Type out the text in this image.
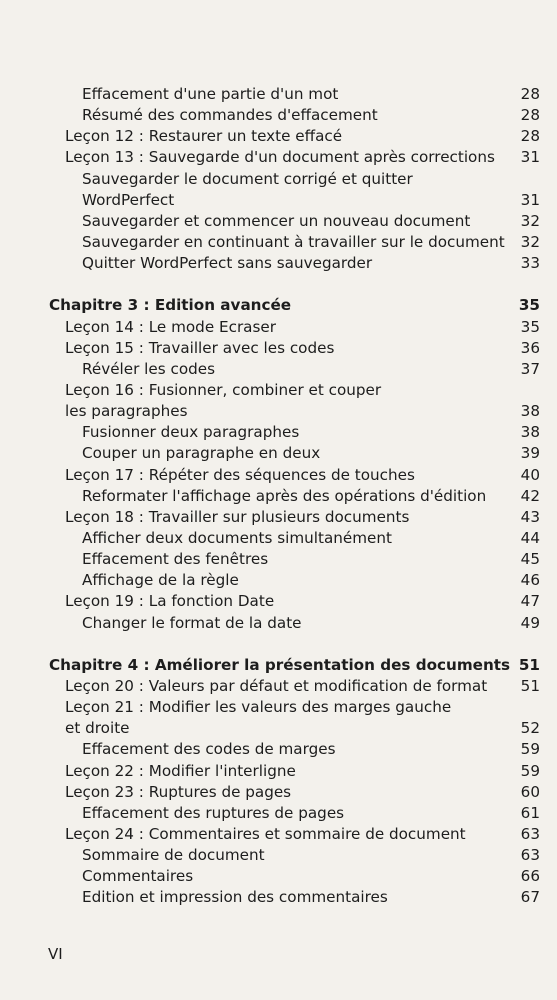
Effacement d'une partie d'un mot	28
Résumé des commandes d'effacement	28
Leçon 12 : Restaurer un texte effacé	28
Leçon 13 : Sauvegarde d'un document après corrections 31
Sauvegarder le document corrigé et quitter
WordPerfect	31
Sauvegarder et commencer un nouveau document	32
Sauvegarder en continuant à travailler sur le document 32
Quitter WordPerfect sans sauvegarder	33
Chapitre 3 : Edition avancée	35
Leçon 14 : Le mode Ecraser	35
Leçon 15 : Travailler avec les codes	36
Révéler les codes	37
Leçon 16 : Fusionner, combiner et couper
les paragraphes	38
Fusionner deux paragraphes	38
Couper un paragraphe en deux	39
Leçon 17 : Répéter des séquences de touches	40
Reformater l'affichage après des opérations d'édition 42
Leçon 18 : Travailler sur plusieurs documents	43
Afficher deux documents simultanément	44
Effacement des fenêtres	45
Affichage de la règle	46
Leçon 19 : La fonction Date	47
Changer le format de la date	49
Chapitre 4 : Améliorer la présentation des documents 51
Leçon 20 : Valeurs par défaut et modification de format 51
Leçon 21 : Modifier les valeurs des marges gauche
et droite	52
Effacement des codes de marges	59
Leçon 22 : Modifier l'interligne	59
Leçon 23 : Ruptures de pages	60
Effacement des ruptures de pages	61
Leçon 24 : Commentaires et sommaire de document	63
Sommaire de document	63
Commentaires	66
Edition et impression des commentaires	67
VI
